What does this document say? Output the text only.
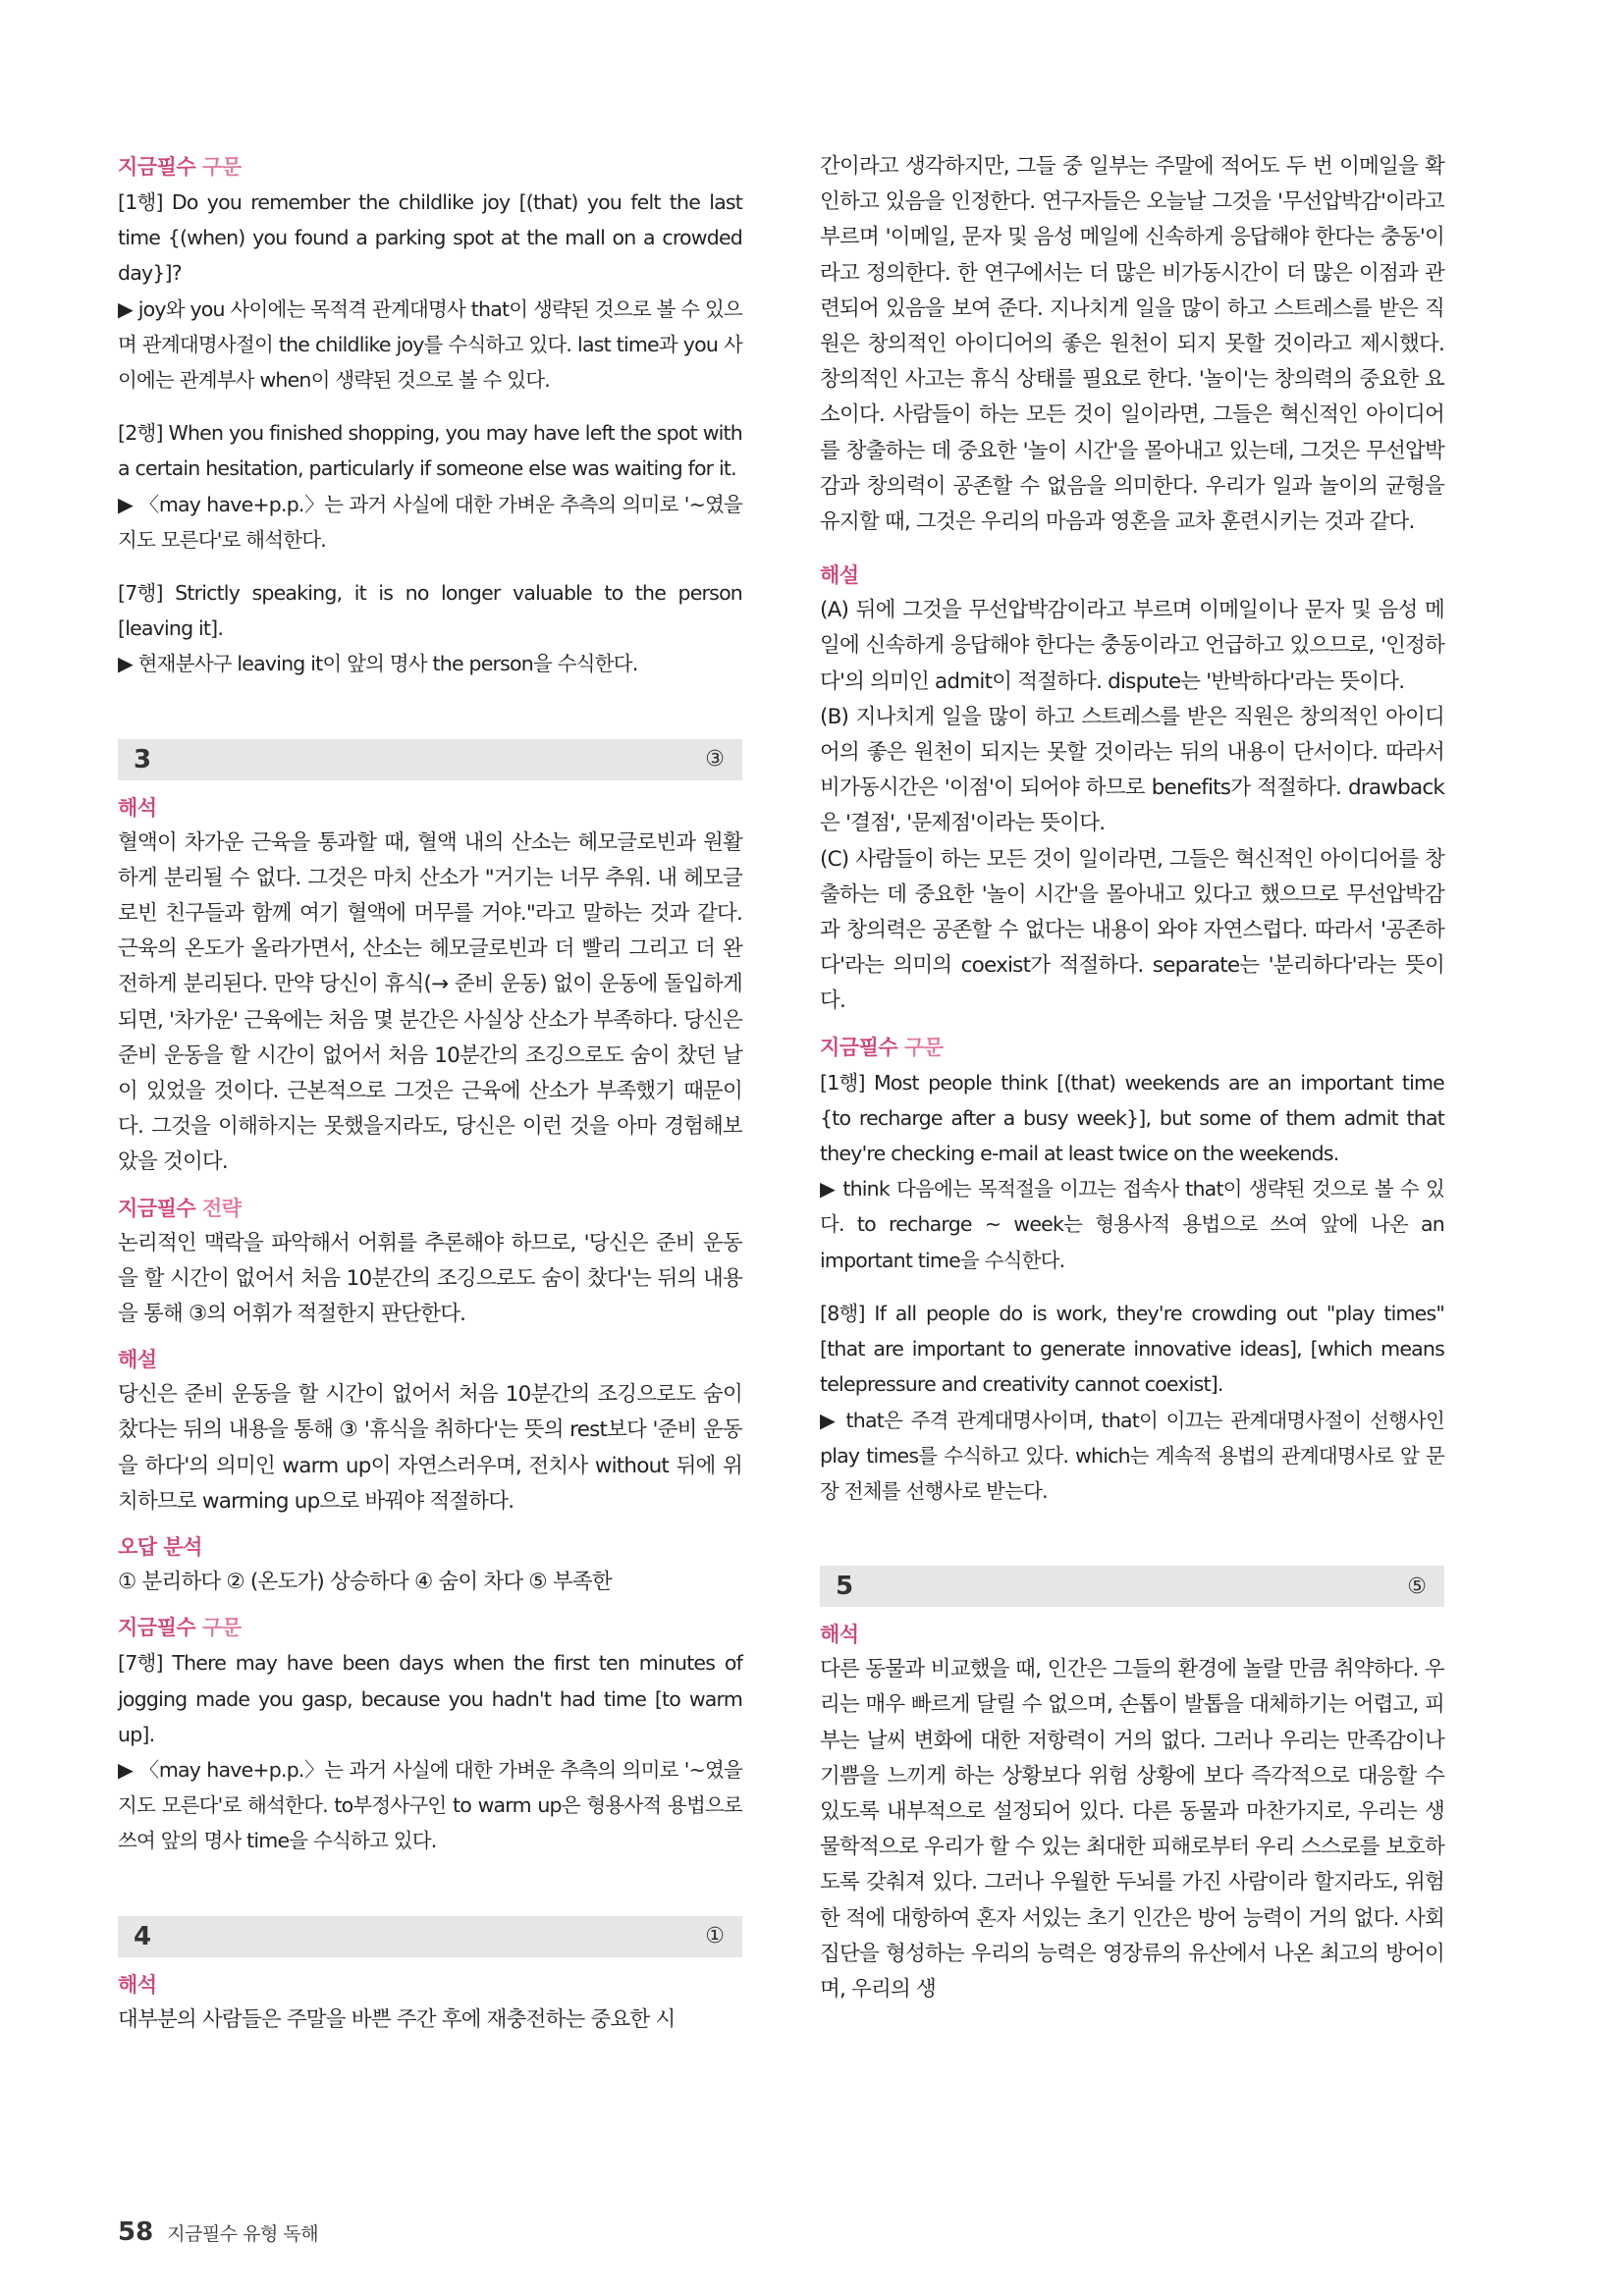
지금필수 구문

[1행] Do you remember the childlike joy [(that) you felt the last time {(when) you found a parking spot at the mall on a crowded day}]?

▶ joy와 you 사이에는 목적격 관계대명사 that이 생략된 것으로 볼 수 있으며 관계대명사절이 the childlike joy를 수식하고 있다. last time과 you 사이에는 관계부사 when이 생략된 것으로 볼 수 있다.

[2행] When you finished shopping, you may have left the spot with a certain hesitation, particularly if someone else was waiting for it.

▶ 〈may have+p.p.〉는 과거 사실에 대한 가벼운 추측의 의미로 '~였을지도 모른다'로 해석한다.

[7행] Strictly speaking, it is no longer valuable to the person [leaving it].

▶ 현재분사구 leaving it이 앞의 명사 the person을 수식한다.

3	③

해석

혈액이 차가운 근육을 통과할 때, 혈액 내의 산소는 헤모글로빈과 원활하게 분리될 수 없다. 그것은 마치 산소가 "거기는 너무 추워. 내 헤모글로빈 친구들과 함께 여기 혈액에 머무를 거야."라고 말하는 것과 같다. 근육의 온도가 올라가면서, 산소는 헤모글로빈과 더 빨리 그리고 더 완전하게 분리된다. 만약 당신이 휴식(→ 준비 운동) 없이 운동에 돌입하게 되면, '차가운' 근육에는 처음 몇 분간은 사실상 산소가 부족하다. 당신은 준비 운동을 할 시간이 없어서 처음 10분간의 조깅으로도 숨이 찼던 날이 있었을 것이다. 근본적으로 그것은 근육에 산소가 부족했기 때문이다. 그것을 이해하지는 못했을지라도, 당신은 이런 것을 아마 경험해보았을 것이다.

지금필수 전략

논리적인 맥락을 파악해서 어휘를 추론해야 하므로, '당신은 준비 운동을 할 시간이 없어서 처음 10분간의 조깅으로도 숨이 찼다'는 뒤의 내용을 통해 ③의 어휘가 적절한지 판단한다.

해설

당신은 준비 운동을 할 시간이 없어서 처음 10분간의 조깅으로도 숨이 찼다는 뒤의 내용을 통해 ③ '휴식을 취하다'는 뜻의 rest보다 '준비 운동을 하다'의 의미인 warm up이 자연스러우며, 전치사 without 뒤에 위치하므로 warming up으로 바꿔야 적절하다.

오답 분석

① 분리하다 ② (온도가) 상승하다 ④ 숨이 차다 ⑤ 부족한

지금필수 구문

[7행] There may have been days when the first ten minutes of jogging made you gasp, because you hadn't had time [to warm up].

▶ 〈may have+p.p.〉는 과거 사실에 대한 가벼운 추측의 의미로 '~였을지도 모른다'로 해석한다. to부정사구인 to warm up은 형용사적 용법으로 쓰여 앞의 명사 time을 수식하고 있다.

4	①

해석

대부분의 사람들은 주말을 바쁜 주간 후에 재충전하는 중요한 시

간이라고 생각하지만, 그들 중 일부는 주말에 적어도 두 번 이메일을 확인하고 있음을 인정한다. 연구자들은 오늘날 그것을 '무선압박감'이라고 부르며 '이메일, 문자 및 음성 메일에 신속하게 응답해야 한다는 충동'이라고 정의한다. 한 연구에서는 더 많은 비가동시간이 더 많은 이점과 관련되어 있음을 보여 준다. 지나치게 일을 많이 하고 스트레스를 받은 직원은 창의적인 아이디어의 좋은 원천이 되지 못할 것이라고 제시했다. 창의적인 사고는 휴식 상태를 필요로 한다. '놀이'는 창의력의 중요한 요소이다. 사람들이 하는 모든 것이 일이라면, 그들은 혁신적인 아이디어를 창출하는 데 중요한 '놀이 시간'을 몰아내고 있는데, 그것은 무선압박감과 창의력이 공존할 수 없음을 의미한다. 우리가 일과 놀이의 균형을 유지할 때, 그것은 우리의 마음과 영혼을 교차 훈련시키는 것과 같다.

해설

(A) 뒤에 그것을 무선압박감이라고 부르며 이메일이나 문자 및 음성 메일에 신속하게 응답해야 한다는 충동이라고 언급하고 있으므로, '인정하다'의 의미인 admit이 적절하다. dispute는 '반박하다'라는 뜻이다.

(B) 지나치게 일을 많이 하고 스트레스를 받은 직원은 창의적인 아이디어의 좋은 원천이 되지는 못할 것이라는 뒤의 내용이 단서이다. 따라서 비가동시간은 '이점'이 되어야 하므로 benefits가 적절하다. drawback은 '결점', '문제점'이라는 뜻이다.

(C) 사람들이 하는 모든 것이 일이라면, 그들은 혁신적인 아이디어를 창출하는 데 중요한 '놀이 시간'을 몰아내고 있다고 했으므로 무선압박감과 창의력은 공존할 수 없다는 내용이 와야 자연스럽다. 따라서 '공존하다'라는 의미의 coexist가 적절하다. separate는 '분리하다'라는 뜻이다.

지금필수 구문

[1행] Most people think [(that) weekends are an important time {to recharge after a busy week}], but some of them admit that they're checking e-mail at least twice on the weekends.

▶ think 다음에는 목적절을 이끄는 접속사 that이 생략된 것으로 볼 수 있다. to recharge ~ week는 형용사적 용법으로 쓰여 앞에 나온 an important time을 수식한다.

[8행] If all people do is work, they're crowding out "play times" [that are important to generate innovative ideas], [which means telepressure and creativity cannot coexist].

▶ that은 주격 관계대명사이며, that이 이끄는 관계대명사절이 선행사인 play times를 수식하고 있다. which는 계속적 용법의 관계대명사로 앞 문장 전체를 선행사로 받는다.

5	⑤

해석

다른 동물과 비교했을 때, 인간은 그들의 환경에 놀랄 만큼 취약하다. 우리는 매우 빠르게 달릴 수 없으며, 손톱이 발톱을 대체하기는 어렵고, 피부는 날씨 변화에 대한 저항력이 거의 없다. 그러나 우리는 만족감이나 기쁨을 느끼게 하는 상황보다 위험 상황에 보다 즉각적으로 대응할 수 있도록 내부적으로 설정되어 있다. 다른 동물과 마찬가지로, 우리는 생물학적으로 우리가 할 수 있는 최대한 피해로부터 우리 스스로를 보호하도록 갖춰져 있다. 그러나 우월한 두뇌를 가진 사람이라 할지라도, 위험한 적에 대항하여 혼자 서있는 초기 인간은 방어 능력이 거의 없다. 사회 집단을 형성하는 우리의 능력은 영장류의 유산에서 나온 최고의 방어이며, 우리의 생

58 지금필수 유형 독해
